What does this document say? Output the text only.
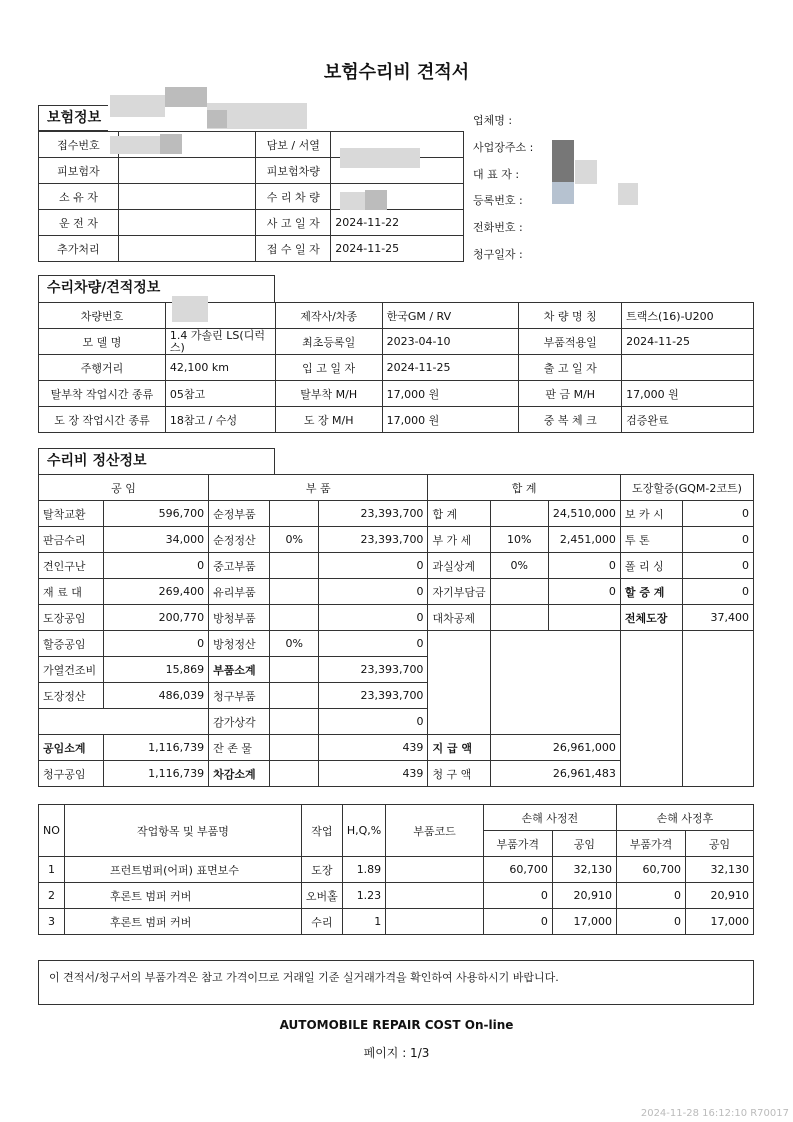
보험수리비 견적서
보험정보
접수번호		담보 / 서열	
피보험자		피보험차량	
소 유 자		수 리 차 량	
운 전 자		사 고 일 자	2024-11-22
추가처리		접 수 일 자	2024-11-25
업체명 :
사업장주소 :
대 표 자 :
등록번호 :
전화번호 :
청구일자 :
수리차량/견적정보
차량번호		제작사/차종	한국GM / RV	차 량 명 칭	트랙스(16)-U200
모 델 명	1.4 가솔린 LS(디럭스)	최초등록일	2023-04-10	부품적용일	2024-11-25
주행거리	42,100 km	입 고 일 자	2024-11-25	출 고 일 자	
탈부착 작업시간 종류	05참고	탈부착 M/H	17,000 원	판 금 M/H	17,000 원
도 장 작업시간 종류	18참고 / 수성	도 장 M/H	17,000 원	중 복 체 크	검증완료
수리비 정산정보
공 임		부 품			합 계			도장할증(GQM-2코트)	
탈착교환	596,700	순정부품		23,393,700	합 계		24,510,000	보 카 시	0
판금수리	34,000	순정정산	0%	23,393,700	부 가 세	10%	2,451,000	투 톤	0
견인구난	0	중고부품		0	과실상계	0%	0	폴 리 싱	0
재 료 대	269,400	유리부품		0	자기부담금		0	할 증 계	0
도장공임	200,770	방청부품		0	대차공제			전체도장	37,400
할증공임	0	방청정산	0%	0					
가열건조비	15,869	부품소계		23,393,700					
도장정산	486,039	청구부품		23,393,700					
		감가상각		0					
공임소계	1,116,739	잔 존 물		439	지 급 액	26,961,000			
청구공임	1,116,739	차감소계		439	청 구 액	26,961,483			
NO	작업항목 및 부품명	작업	H,Q,%	부품코드	손해 사정전		손해 사정후	
					부품가격	공임	부품가격	공임
1	프런트범퍼(어퍼) 표면보수	도장	1.89		60,700	32,130	60,700	32,130
2	후론트 범퍼 커버	오버홀	1.23		0	20,910	0	20,910
3	후론트 범퍼 커버	수리	1		0	17,000	0	17,000
이 견적서/청구서의 부품가격은 참고 가격이므로 거래일 기준 실거래가격을 확인하여 사용하시기 바랍니다.
AUTOMOBILE REPAIR COST On-line
페이지 : 1/3
2024-11-28 16:12:10 R70017
